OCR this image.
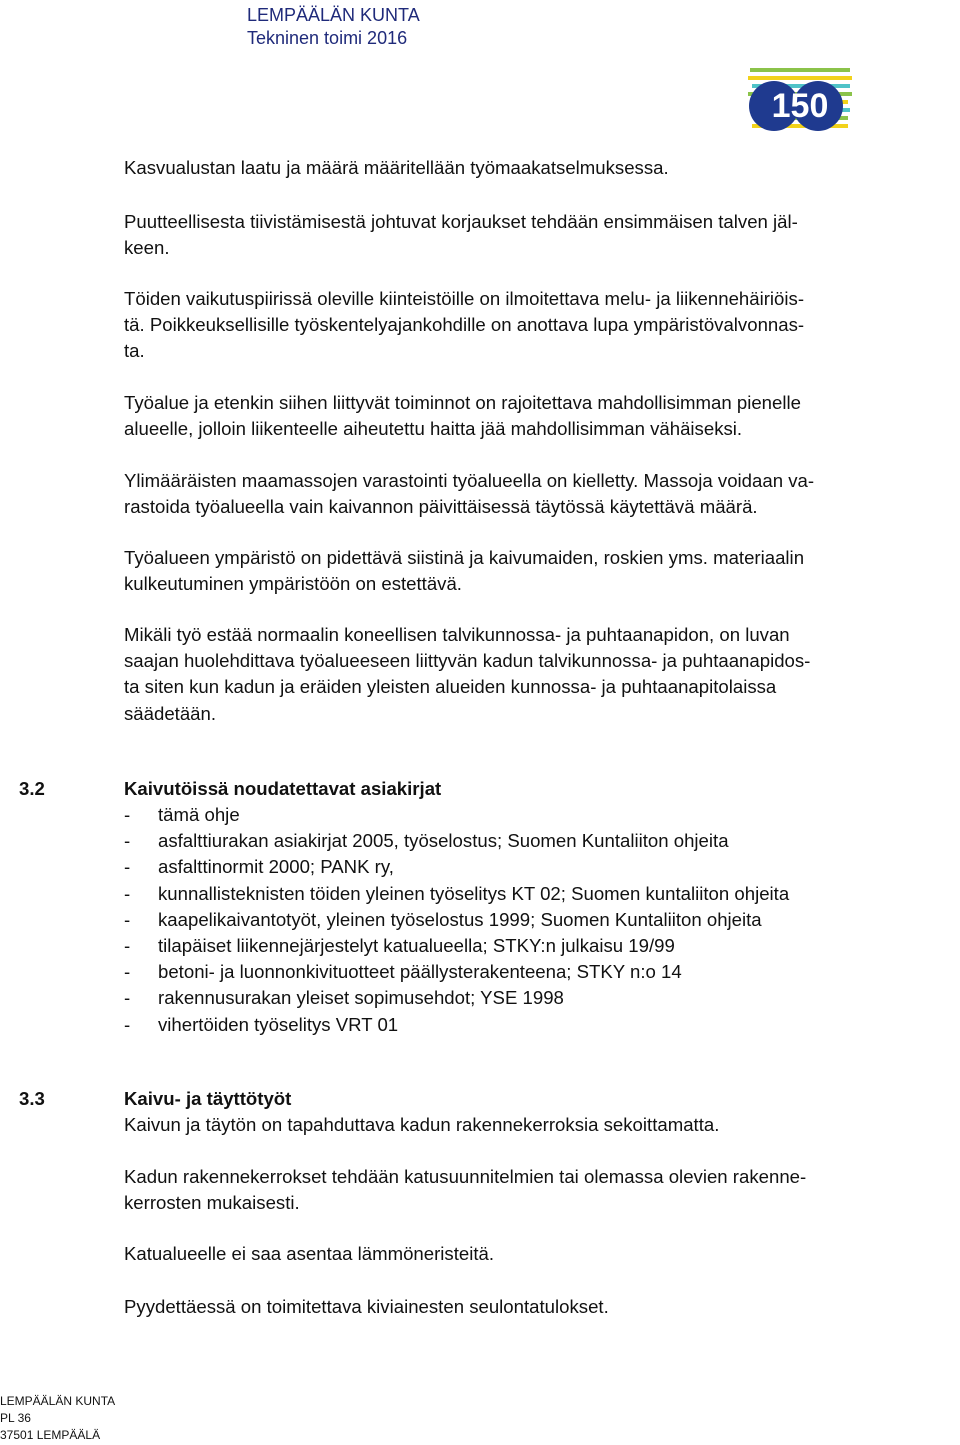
LEMPÄÄLÄN KUNTA
Tekninen toimi 2016
150
Kasvualustan laatu ja määrä määritellään työmaakatselmuksessa.
Puutteellisesta tiivistämisestä johtuvat korjaukset tehdään ensimmäisen talven jäl-
keen.
Töiden vaikutuspiirissä oleville kiinteistöille on ilmoitettava melu- ja liikennehäiriöis-
tä. Poikkeuksellisille työskentelyajankohdille on anottava lupa ympäristövalvonnas-
ta.
Työalue ja etenkin siihen liittyvät toiminnot on rajoitettava mahdollisimman pienelle
alueelle, jolloin liikenteelle aiheutettu haitta jää mahdollisimman vähäiseksi.
Ylimääräisten maamassojen varastointi työalueella on kielletty. Massoja voidaan va-
rastoida työalueella vain kaivannon päivittäisessä täytössä käytettävä määrä.
Työalueen ympäristö on pidettävä siistinä ja kaivumaiden, roskien yms. materiaalin
kulkeutuminen ympäristöön on estettävä.
Mikäli työ estää normaalin koneellisen talvikunnossa- ja puhtaanapidon, on luvan
saajan huolehdittava työalueeseen liittyvän kadun talvikunnossa- ja puhtaanapidos-
ta siten kun kadun ja eräiden yleisten alueiden kunnossa- ja puhtaanapitolaissa
säädetään.
3.2	Kaivutöissä noudatettavat asiakirjat
- tämä ohje
- asfalttiurakan asiakirjat 2005, työselostus; Suomen Kuntaliiton ohjeita
- asfalttinormit 2000; PANK ry,
- kunnallisteknisten töiden yleinen työselitys KT 02; Suomen kuntaliiton ohjeita
- kaapelikaivantotyöt, yleinen työselostus 1999; Suomen Kuntaliiton ohjeita
- tilapäiset liikennejärjestelyt katualueella; STKY:n julkaisu 19/99
- betoni- ja luonnonkivituotteet päällysterakenteena; STKY n:o 14
- rakennusurakan yleiset sopimusehdot; YSE 1998
- vihertöiden työselitys VRT 01
3.3	Kaivu- ja täyttötyöt
Kaivun ja täytön on tapahduttava kadun rakennekerroksia sekoittamatta.
Kadun rakennekerrokset tehdään katusuunnitelmien tai olemassa olevien rakenne-
kerrosten mukaisesti.
Katualueelle ei saa asentaa lämmöneristeitä.
Pyydettäessä on toimitettava kiviainesten seulontatulokset.
LEMPÄÄLÄN KUNTA
PL 36
37501 LEMPÄÄLÄ
